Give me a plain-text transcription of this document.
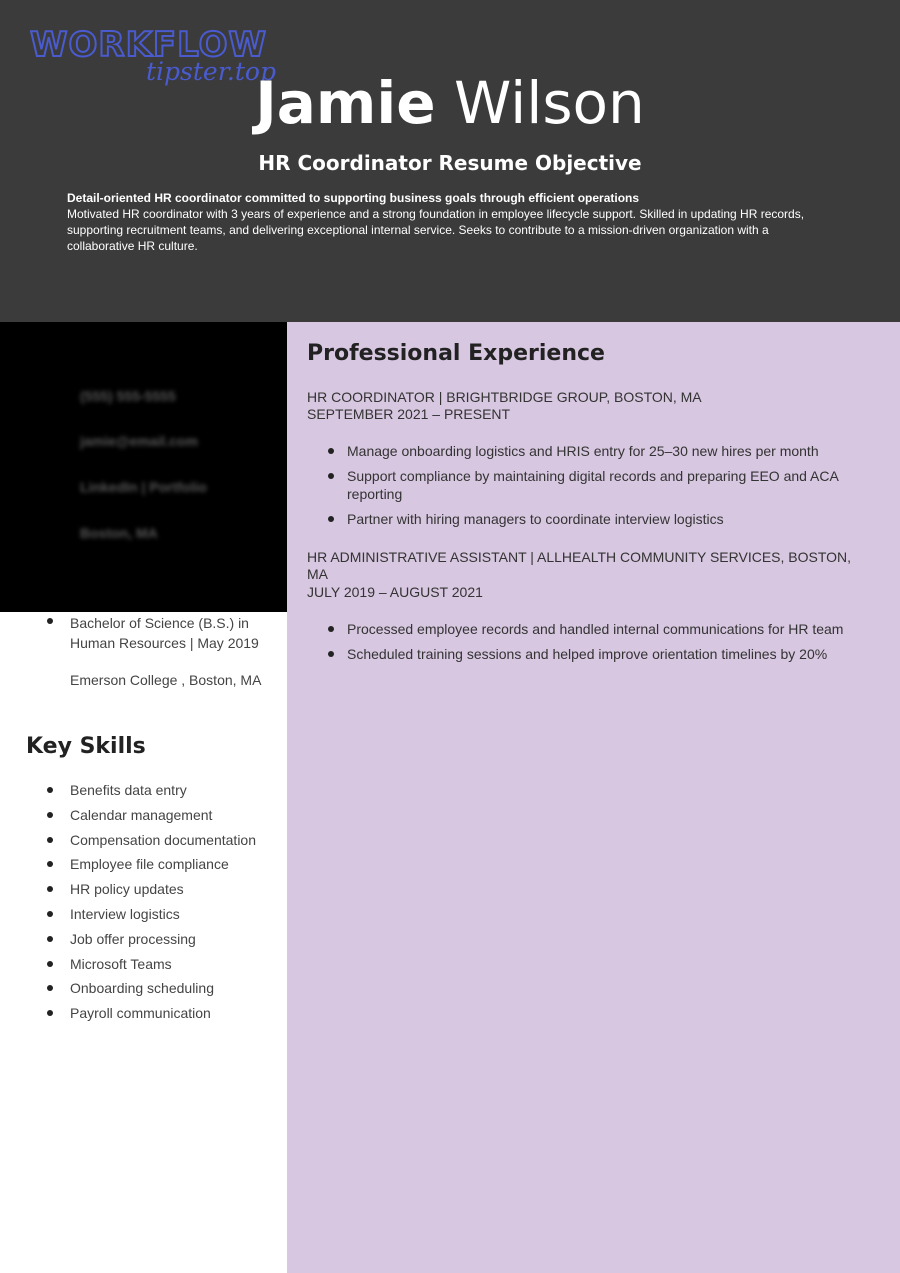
WORKFLOW
tipster.top
Jamie Wilson
HR Coordinator Resume Objective
Detail-oriented HR coordinator committed to supporting business goals through efficient operations
Motivated HR coordinator with 3 years of experience and a strong foundation in employee lifecycle support. Skilled in updating HR records, supporting recruitment teams, and delivering exceptional internal service. Seeks to contribute to a mission-driven organization with a collaborative HR culture.
(555) 555-5555
jamie@email.com
LinkedIn | Portfolio
Boston, MA
Professional Experience
HR COORDINATOR | BRIGHTBRIDGE GROUP, BOSTON, MA
SEPTEMBER 2021 – PRESENT
Manage onboarding logistics and HRIS entry for 25–30 new hires per month
Support compliance by maintaining digital records and preparing EEO and ACA reporting
Partner with hiring managers to coordinate interview logistics
HR ADMINISTRATIVE ASSISTANT | ALLHEALTH COMMUNITY SERVICES, BOSTON, MA
JULY 2019 – AUGUST 2021
Processed employee records and handled internal communications for HR team
Scheduled training sessions and helped improve orientation timelines by 20%
Bachelor of Science (B.S.) in Human Resources | May 2019
Emerson College , Boston, MA
Key Skills
Benefits data entry
Calendar management
Compensation documentation
Employee file compliance
HR policy updates
Interview logistics
Job offer processing
Microsoft Teams
Onboarding scheduling
Payroll communication
